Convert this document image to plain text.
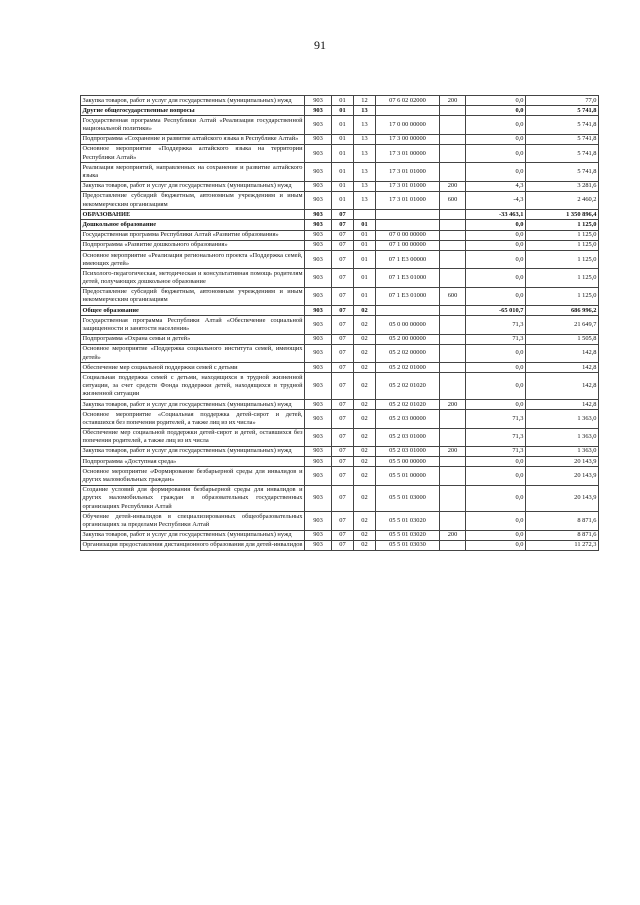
91
Закупка товаров, работ и услуг для государственных (муниципальных) нужд	903	01	12	07 6 02 02000	200	0,0	77,0
Другие общегосударственные вопросы	903	01	13			0,0	5 741,8
Государственная программа Республики Алтай «Реализация государственной национальной политики»	903	01	13	17 0 00 00000		0,0	5 741,8
Подпрограмма «Сохранение и развитие алтайского языка в Республике Алтай»	903	01	13	17 3 00 00000		0,0	5 741,8
Основное мероприятие «Поддержка алтайского языка на территории Республики Алтай»	903	01	13	17 3 01 00000		0,0	5 741,8
Реализация мероприятий, направленных на сохранение и развитие алтайского языка	903	01	13	17 3 01 01000		0,0	5 741,8
Закупка товаров, работ и услуг для государственных (муниципальных) нужд	903	01	13	17 3 01 01000	200	4,3	3 281,6
Предоставление субсидий бюджетным, автономным учреждениям и иным некоммерческим организациям	903	01	13	17 3 01 01000	600	-4,3	2 460,2
ОБРАЗОВАНИЕ	903	07				-33 463,1	1 350 896,4
Дошкольное образование	903	07	01			0,0	1 125,0
Государственная программа Республики Алтай «Развитие образования»	903	07	01	07 0 00 00000		0,0	1 125,0
Подпрограмма «Развитие дошкольного образования»	903	07	01	07 1 00 00000		0,0	1 125,0
Основное мероприятие «Реализация регионального проекта «Поддержка семей, имеющих детей»	903	07	01	07 1 E3 00000		0,0	1 125,0
Психолого-педагогическая, методическая и консультативная помощь родителям детей, получающих дошкольное образование	903	07	01	07 1 E3 01000		0,0	1 125,0
Предоставление субсидий бюджетным, автономным учреждениям и иным некоммерческим организациям	903	07	01	07 1 E3 01000	600	0,0	1 125,0
Общее образование	903	07	02			-65 010,7	686 996,2
Государственная программа Республики Алтай «Обеспечение социальной защищенности и занятости населения»	903	07	02	05 0 00 00000		71,3	21 649,7
Подпрограмма «Охрана семьи и детей»	903	07	02	05 2 00 00000		71,3	1 505,8
Основное мероприятие «Поддержка социального института семей, имеющих детей»	903	07	02	05 2 02 00000		0,0	142,8
Обеспечение мер социальной поддержки семей с детьми	903	07	02	05 2 02 01000		0,0	142,8
Социальная поддержка семей с детьми, находящихся в трудной жизненной ситуации, за счет средств Фонда поддержки детей, находящихся в трудной жизненной ситуации	903	07	02	05 2 02 01020		0,0	142,8
Закупка товаров, работ и услуг для государственных (муниципальных) нужд	903	07	02	05 2 02 01020	200	0,0	142,8
Основное мероприятие «Социальная поддержка детей-сирот и детей, оставшихся без попечения родителей, а также лиц из их числа»	903	07	02	05 2 03 00000		71,3	1 363,0
Обеспечение мер социальной поддержки детей-сирот и детей, оставшихся без попечения родителей, а также лиц из их числа	903	07	02	05 2 03 01000		71,3	1 363,0
Закупка товаров, работ и услуг для государственных (муниципальных) нужд	903	07	02	05 2 03 01000	200	71,3	1 363,0
Подпрограмма «Доступная среда»	903	07	02	05 5 00 00000		0,0	20 143,9
Основное мероприятие «Формирование безбарьерной среды для инвалидов и других маломобильных граждан»	903	07	02	05 5 01 00000		0,0	20 143,9
Создание условий для формирования безбарьерной среды для инвалидов и других маломобильных граждан в образовательных государственных организациях Республики Алтай	903	07	02	05 5 01 03000		0,0	20 143,9
Обучение детей-инвалидов в специализированных общеобразовательных организациях за пределами Республики Алтай	903	07	02	05 5 01 03020		0,0	8 871,6
Закупка товаров, работ и услуг для государственных (муниципальных) нужд	903	07	02	05 5 01 03020	200	0,0	8 871,6
Организация предоставления дистанционного образования для детей-инвалидов	903	07	02	05 5 01 03030		0,0	11 272,3
